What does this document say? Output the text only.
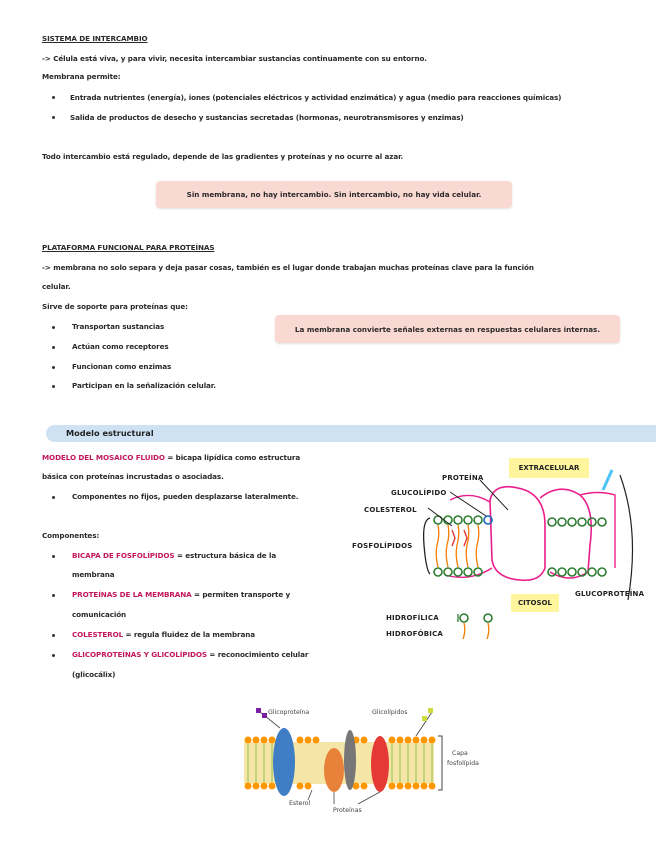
SISTEMA DE INTERCAMBIO
-> Célula está viva, y para vivir, necesita intercambiar sustancias continuamente con su entorno.
Membrana permite:
Entrada nutrientes (energía), iones (potenciales eléctricos y actividad enzimática) y agua (medio para reacciones químicas)
Salida de productos de desecho y sustancias secretadas (hormonas, neurotransmisores y enzimas)
Todo intercambio está regulado, depende de las gradientes y proteínas y no ocurre al azar.
Sin membrana, no hay intercambio. Sin intercambio, no hay vida celular.
PLATAFORMA FUNCIONAL PARA PROTEÍNAS
-> membrana no solo separa y deja pasar cosas, también es el lugar donde trabajan muchas proteínas clave para la función
celular.
Sirve de soporte para proteínas que:
Transportan sustancias
Actúan como receptores
Funcionan como enzimas
Participan en la señalización celular.
La membrana convierte señales externas en respuestas celulares internas.
Modelo estructural
MODELO DEL MOSAICO FLUIDO = bicapa lipídica como estructura
básica con proteínas incrustadas o asociadas.
Componentes no fijos, pueden desplazarse lateralmente.
Componentes:
BICAPA DE FOSFOLÍPIDOS = estructura básica de la
membrana
PROTEÍNAS DE LA MEMBRANA = permiten transporte y
comunicación
COLESTEROL = regula fluidez de la membrana
GLICOPROTEÍNAS Y GLICOLÍPIDOS = reconocimiento celular
(glicocálix)
EXTRACELULAR
CITOSOL
PROTEÍNA
GLUCOLÍPIDO
COLESTEROL
FOSFOLÍPIDOS
GLUCOPROTEÍNA
HIDROFÍLICA
HIDROFÓBICA
Glicoproteína	Glicolípidos
Capa
fosfolípida
Esterol
Proteínas
